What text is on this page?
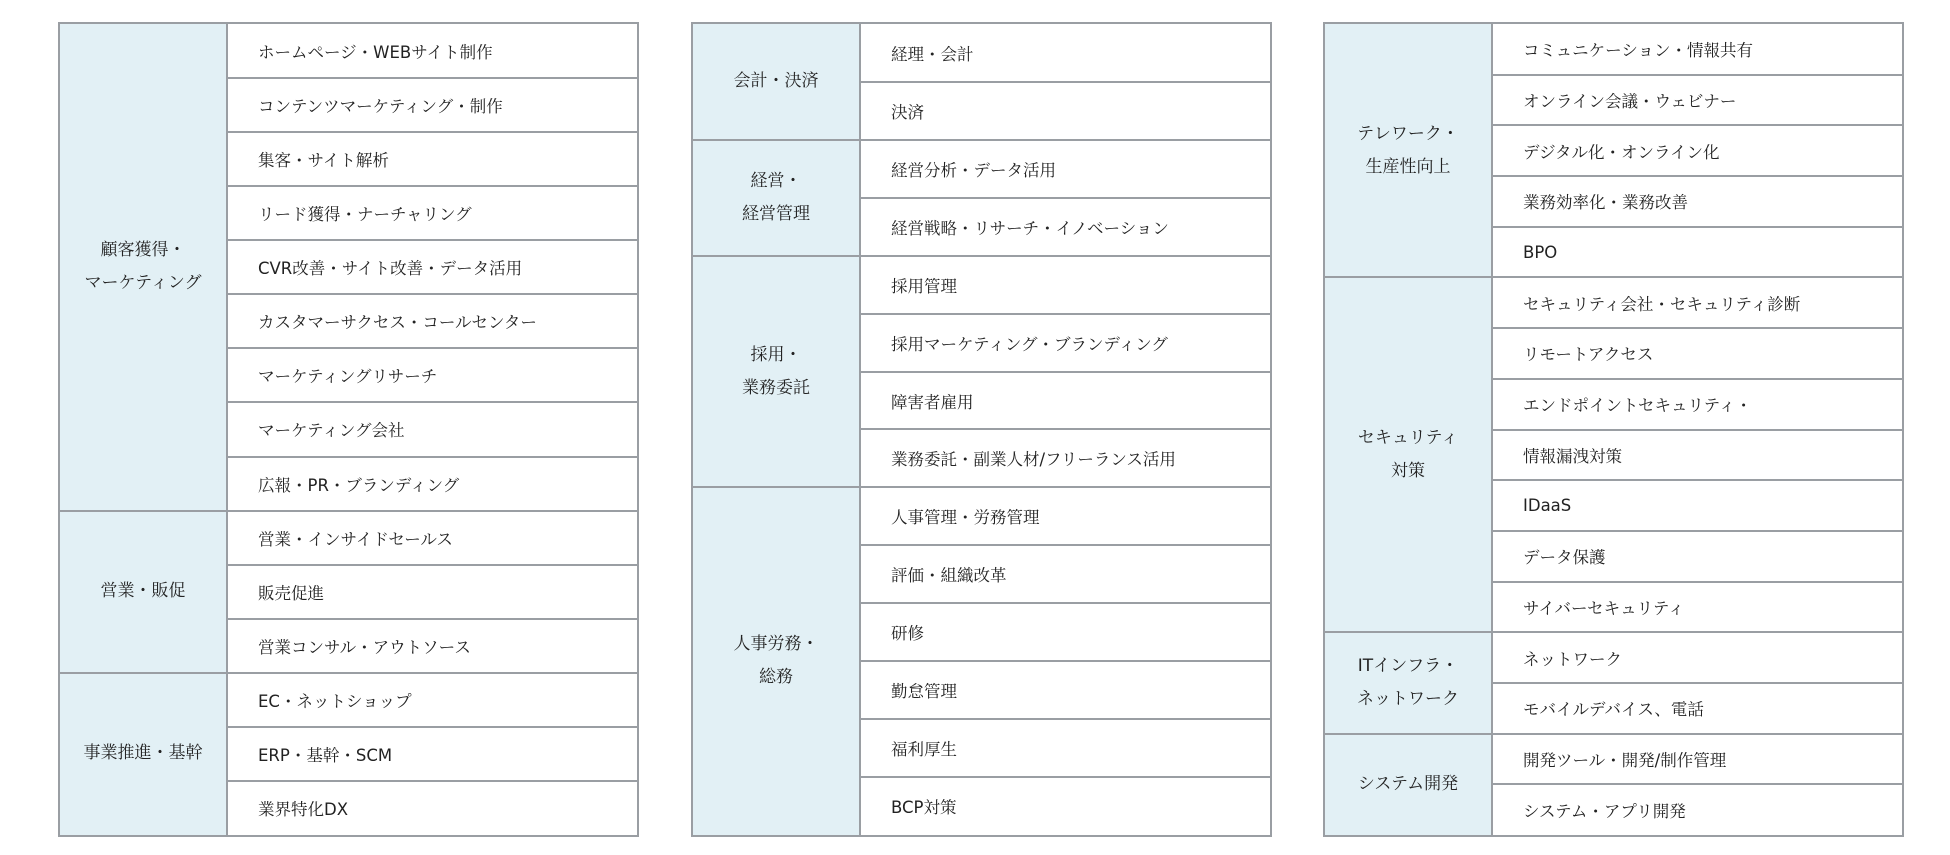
顧客獲得・
マーケティング
ホームページ・WEBサイト制作
コンテンツマーケティング・制作
集客・サイト解析
リード獲得・ナーチャリング
CVR改善・サイト改善・データ活用
カスタマーサクセス・コールセンター
マーケティングリサーチ
マーケティング会社
広報・PR・ブランディング
営業・販促
営業・インサイドセールス
販売促進
営業コンサル・アウトソース
事業推進・基幹
EC・ネットショップ
ERP・基幹・SCM
業界特化DX
会計・決済
経理・会計
決済
経営・
経営管理
経営分析・データ活用
経営戦略・リサーチ・イノベーション
採用・
業務委託
採用管理
採用マーケティング・ブランディング
障害者雇用
業務委託・副業人材/フリーランス活用
人事労務・
総務
人事管理・労務管理
評価・組織改革
研修
勤怠管理
福利厚生
BCP対策
テレワーク・
生産性向上
コミュニケーション・情報共有
オンライン会議・ウェビナー
デジタル化・オンライン化
業務効率化・業務改善
BPO
セキュリティ
対策
セキュリティ会社・セキュリティ診断
リモートアクセス
エンドポイントセキュリティ・
情報漏洩対策
IDaaS
データ保護
サイバーセキュリティ
ITインフラ・
ネットワーク
ネットワーク
モバイルデバイス、電話
システム開発
開発ツール・開発/制作管理
システム・アプリ開発
